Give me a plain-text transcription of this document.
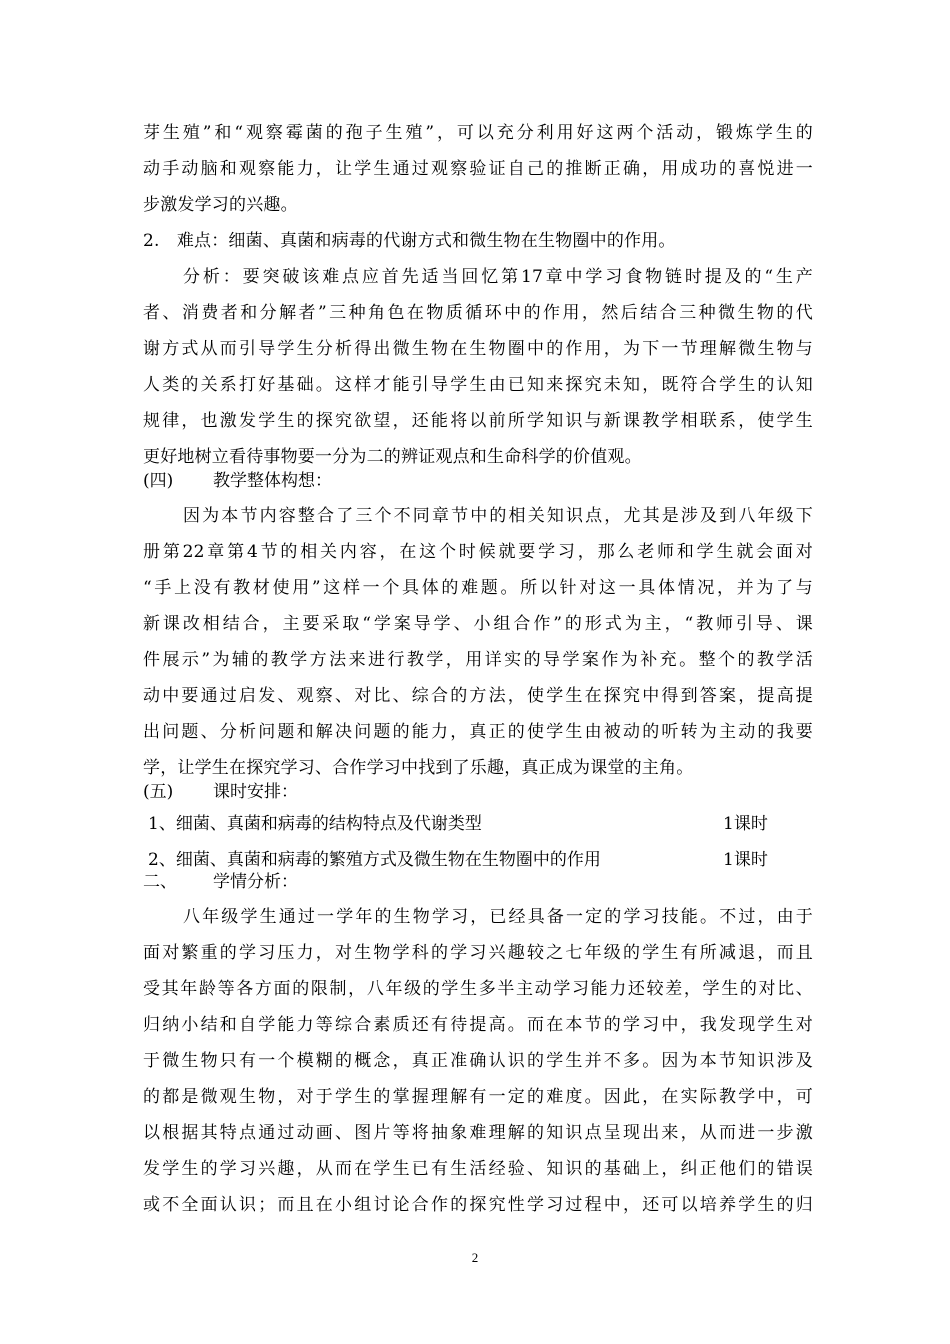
芽生殖”和“观察霉菌的孢子生殖”，可以充分利用好这两个活动，锻炼学生的
动手动脑和观察能力，让学生通过观察验证自己的推断正确，用成功的喜悦进一
步激发学习的兴趣。
2.　难点：细菌、真菌和病毒的代谢方式和微生物在生物圈中的作用。
分析：要突破该难点应首先适当回忆第17章中学习食物链时提及的“生产
者、消费者和分解者”三种角色在物质循环中的作用，然后结合三种微生物的代
谢方式从而引导学生分析得出微生物在生物圈中的作用，为下一节理解微生物与
人类的关系打好基础。这样才能引导学生由已知来探究未知，既符合学生的认知
规律，也激发学生的探究欲望，还能将以前所学知识与新课教学相联系，使学生
更好地树立看待事物要一分为二的辨证观点和生命科学的价值观。
(四) 教学整体构想：
因为本节内容整合了三个不同章节中的相关知识点，尤其是涉及到八年级下
册第22章第4节的相关内容，在这个时候就要学习，那么老师和学生就会面对
“手上没有教材使用”这样一个具体的难题。所以针对这一具体情况，并为了与
新课改相结合，主要采取“学案导学、小组合作”的形式为主，“教师引导、课
件展示”为辅的教学方法来进行教学，用详实的导学案作为补充。整个的教学活
动中要通过启发、观察、对比、综合的方法，使学生在探究中得到答案，提高提
出问题、分析问题和解决问题的能力，真正的使学生由被动的听转为主动的我要
学，让学生在探究学习、合作学习中找到了乐趣，真正成为课堂的主角。
(五) 课时安排：
1、细菌、真菌和病毒的结构特点及代谢类型	1课时
2、细菌、真菌和病毒的繁殖方式及微生物在生物圈中的作用	1课时
二、 学情分析：
八年级学生通过一学年的生物学习，已经具备一定的学习技能。不过，由于
面对繁重的学习压力，对生物学科的学习兴趣较之七年级的学生有所减退，而且
受其年龄等各方面的限制，八年级的学生多半主动学习能力还较差，学生的对比、
归纳小结和自学能力等综合素质还有待提高。而在本节的学习中，我发现学生对
于微生物只有一个模糊的概念，真正准确认识的学生并不多。因为本节知识涉及
的都是微观生物，对于学生的掌握理解有一定的难度。因此，在实际教学中，可
以根据其特点通过动画、图片等将抽象难理解的知识点呈现出来，从而进一步激
发学生的学习兴趣，从而在学生已有生活经验、知识的基础上，纠正他们的错误
或不全面认识；而且在小组讨论合作的探究性学习过程中，还可以培养学生的归
2
